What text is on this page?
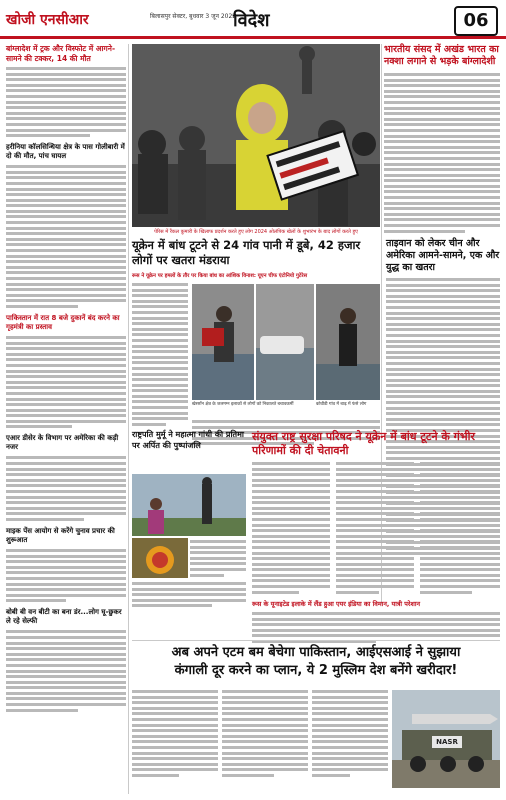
खोजी एनसीआर	बिलासपुर सेक्टर, बुधवार 3 जून 2022
विदेश	06
बांग्लादेश में ट्रक और विस्फोट में आगने-सामने की टक्कर, 14 की मौत
हरीनिया कॉलसिन्धिया क्षेत्र के पास गोलीबारी में दो की मौत, पांच घायल
पाकिस्तान में रात 8 बजे दुकानें बंद करने का गृहमंत्री का प्रस्ताव
एआर डीसेर के विभाग पर अमेरिका की कड़ी नजर
माइक पेंस आयोग से करेंगे चुनाव प्रचार की शुरूआत
बोबी बी वन बीटी का बना डंर...लोग घू-छुकर ले रहे सेल्फी
पेरिस में रैंकल कुमारी के खिलाफ प्रदर्शन करते हुए लोग 2024 ओलंपिक खेलों के शुभारंभ के बाद लोगों करते हुए
भारतीय संसद में अखंड भारत का नक्शा लगाने से भड़के बांग्लादेशी
यूक्रेन में बांध टूटने से 24 गांव पानी में डूबे, 42 हजार लोगों पर खतरा मंडराया
रूस ने यूक्रेन पर हमलों के तौर पर किया बांध का आंशिक विनाश: यूएन चीफ एंटोनियो गुटेरेस
ताइवान को लेकर चीन और अमेरिका आमने-सामने, एक और युद्ध का खतरा
खेरसॉन क्षेत्र के जलमग्न इलाकों से लोगों को निकालते बचावकर्मी	कोवीडी गांव में बाढ़ में फंसे लोग
राष्ट्रपति मुर्मू ने महात्मा गांधी की प्रतिमा पर अर्पित की पुष्पांजलि
संयुक्त राष्ट्र सुरक्षा परिषद ने यूक्रेन में बांध टूटने के गंभीर परिणामों की दी चेतावनी
रूस के यूनाइटेड इलाके में लैंड हुआ एयर इंडिया का विमान, यात्री परेशान
अब अपने एटम बम बेचेगा पाकिस्तान, आईएसआई ने सुझाया
कंगाली दूर करने का प्लान, ये 2 मुस्लिम देश बनेंगे खरीदार!
NASR
